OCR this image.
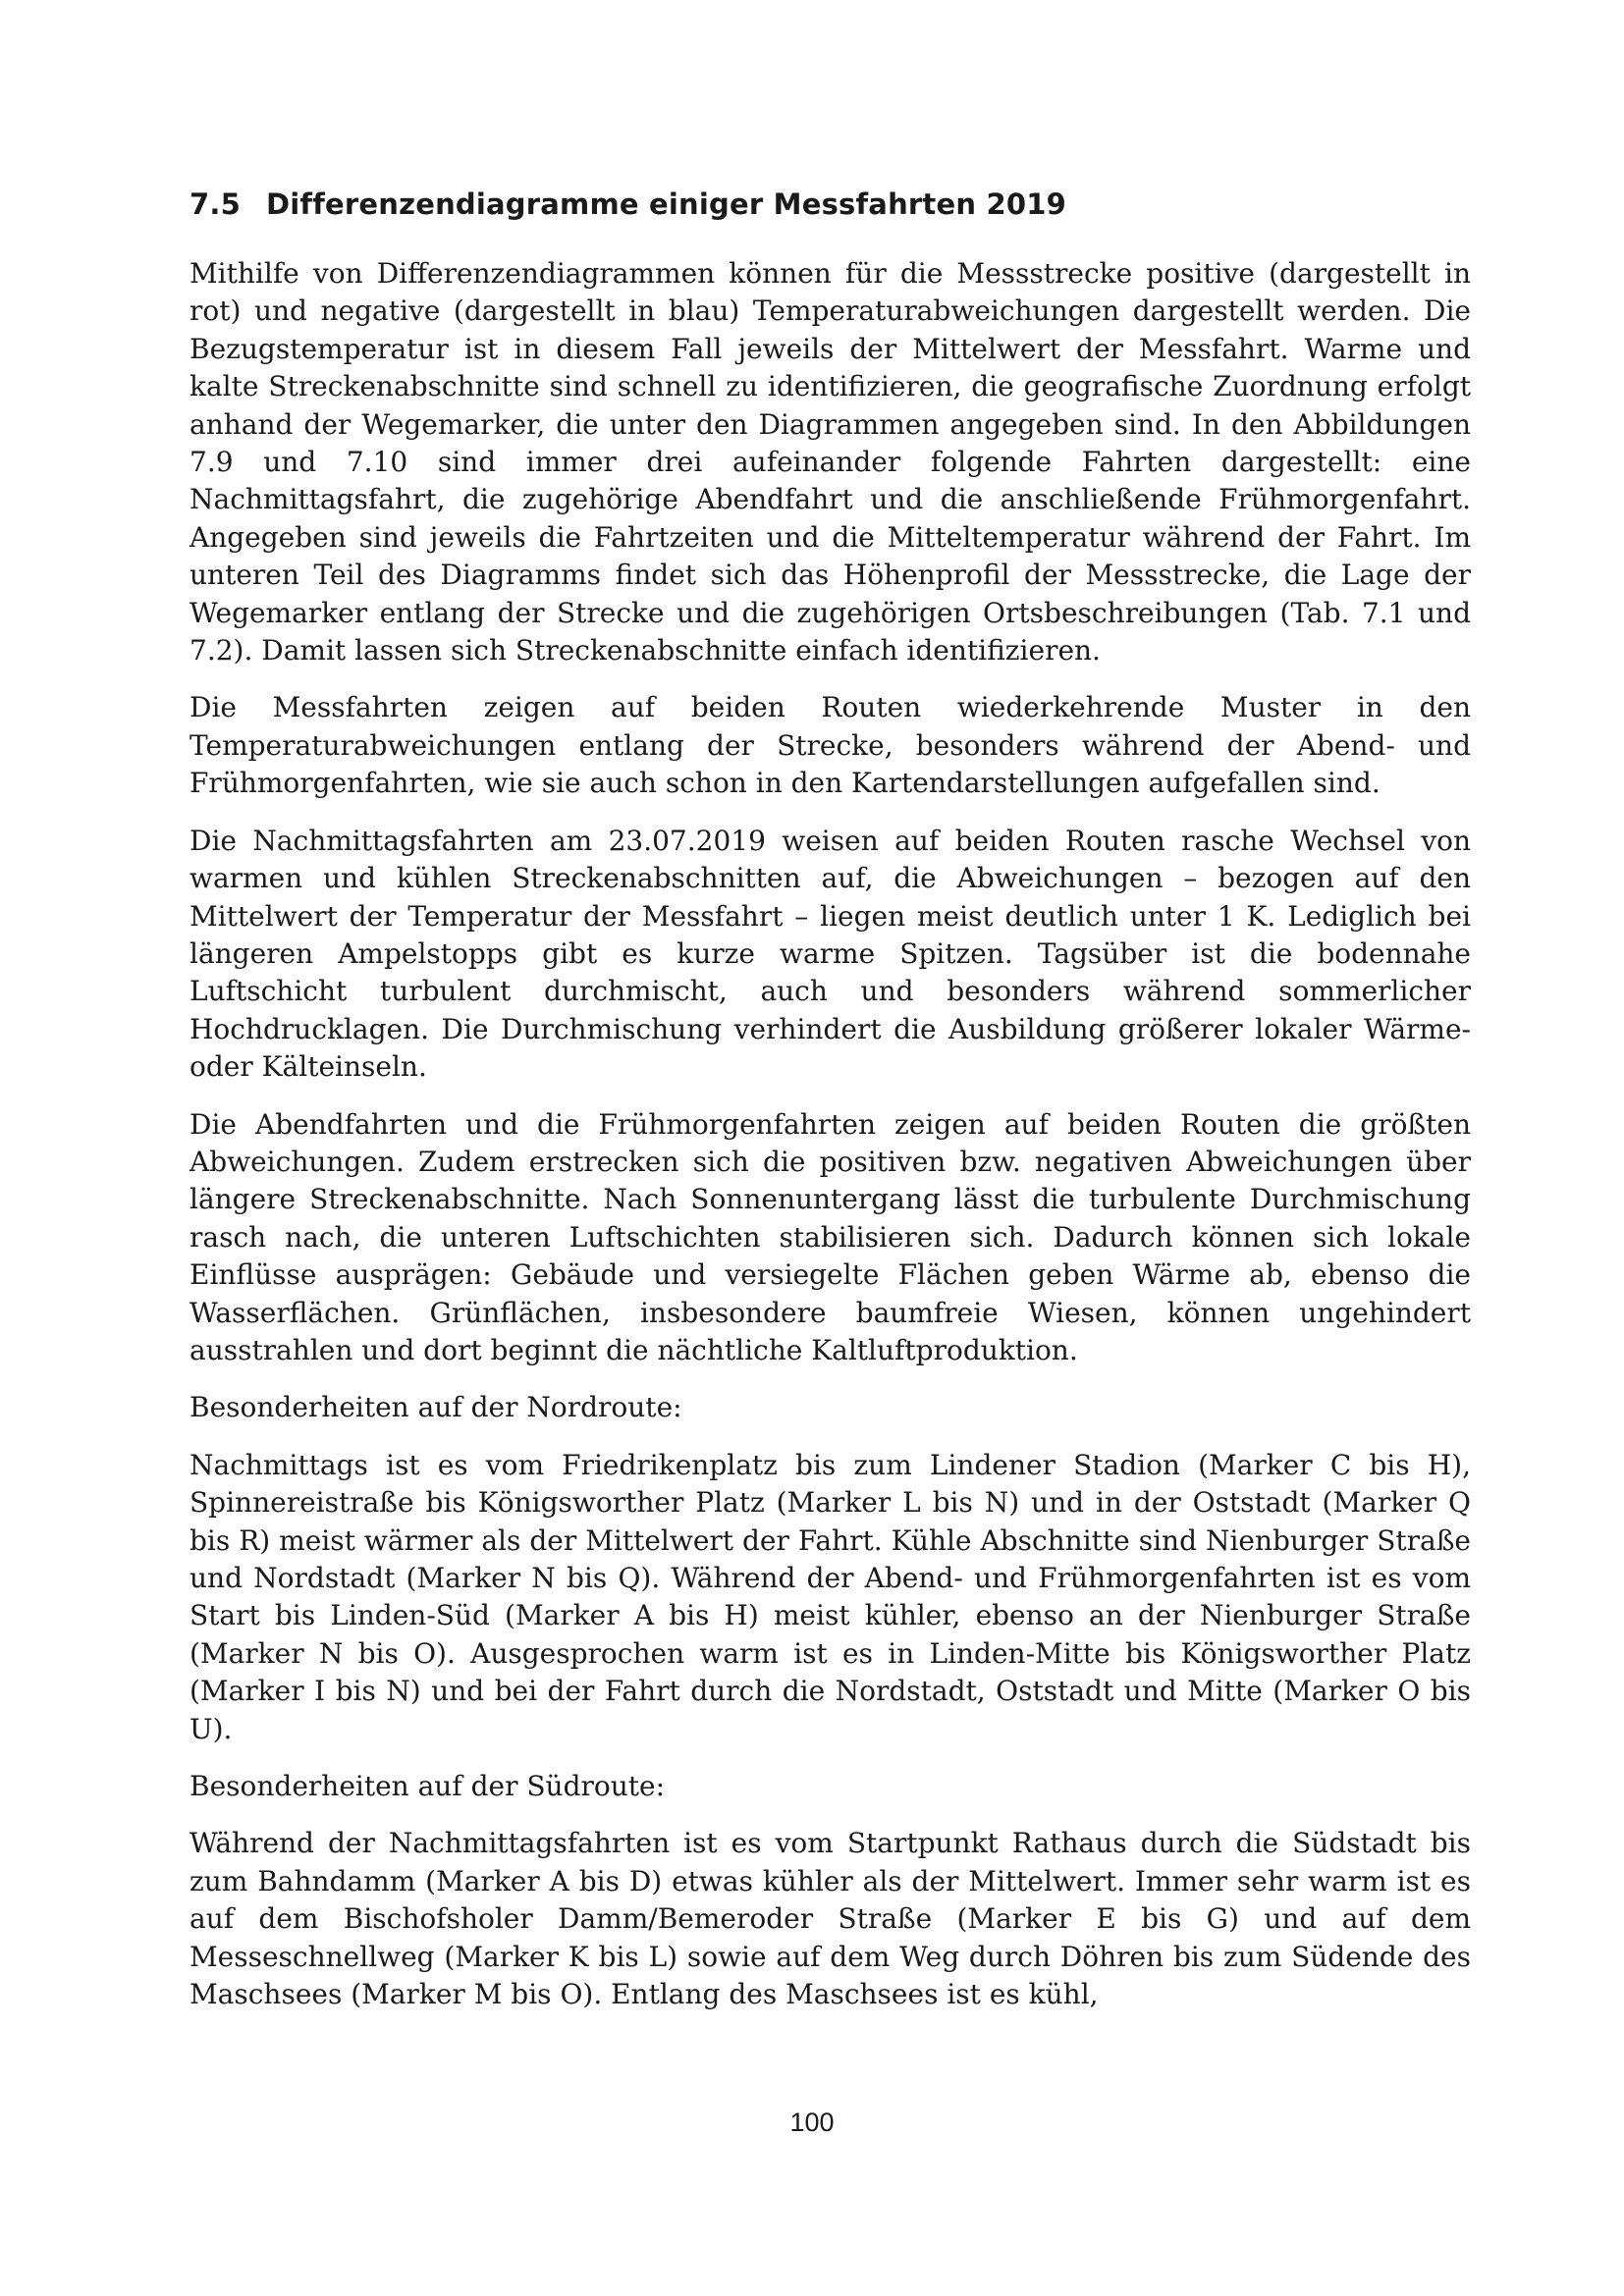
7.5 Differenzendiagramme einiger Messfahrten 2019

Mithilfe von Differenzendiagrammen können für die Messstrecke positive (dargestellt in rot) und negative (dargestellt in blau) Temperaturabweichungen dargestellt werden. Die Bezugstemperatur ist in diesem Fall jeweils der Mittelwert der Messfahrt. Warme und kalte Streckenabschnitte sind schnell zu identifizieren, die geografische Zuordnung erfolgt anhand der Wegemarker, die unter den Diagrammen angegeben sind. In den Abbildungen 7.9 und 7.10 sind immer drei aufeinander folgende Fahrten dargestellt: eine Nachmittagsfahrt, die zugehörige Abendfahrt und die anschließende Frühmorgenfahrt. Angegeben sind jeweils die Fahrtzeiten und die Mitteltemperatur während der Fahrt. Im unteren Teil des Diagramms findet sich das Höhenprofil der Messstrecke, die Lage der Wegemarker entlang der Strecke und die zugehörigen Ortsbeschreibungen (Tab. 7.1 und 7.2). Damit lassen sich Streckenabschnitte einfach identifizieren.

Die Messfahrten zeigen auf beiden Routen wiederkehrende Muster in den Temperaturabweichungen entlang der Strecke, besonders während der Abend- und Frühmorgenfahrten, wie sie auch schon in den Kartendarstellungen aufgefallen sind.

Die Nachmittagsfahrten am 23.07.2019 weisen auf beiden Routen rasche Wechsel von warmen und kühlen Streckenabschnitten auf, die Abweichungen – bezogen auf den Mittelwert der Temperatur der Messfahrt – liegen meist deutlich unter 1 K. Lediglich bei längeren Ampelstopps gibt es kurze warme Spitzen. Tagsüber ist die bodennahe Luftschicht turbulent durchmischt, auch und besonders während sommerlicher Hochdrucklagen. Die Durchmischung verhindert die Ausbildung größerer lokaler Wärme- oder Kälteinseln.

Die Abendfahrten und die Frühmorgenfahrten zeigen auf beiden Routen die größten Abweichungen. Zudem erstrecken sich die positiven bzw. negativen Abweichungen über längere Streckenabschnitte. Nach Sonnenuntergang lässt die turbulente Durchmischung rasch nach, die unteren Luftschichten stabilisieren sich. Dadurch können sich lokale Einflüsse ausprägen: Gebäude und versiegelte Flächen geben Wärme ab, ebenso die Wasserflächen. Grünflächen, insbesondere baumfreie Wiesen, können ungehindert ausstrahlen und dort beginnt die nächtliche Kaltluftproduktion.

Besonderheiten auf der Nordroute:

Nachmittags ist es vom Friedrikenplatz bis zum Lindener Stadion (Marker C bis H), Spinnereistraße bis Königsworther Platz (Marker L bis N) und in der Oststadt (Marker Q bis R) meist wärmer als der Mittelwert der Fahrt. Kühle Abschnitte sind Nienburger Straße und Nordstadt (Marker N bis Q). Während der Abend- und Frühmorgenfahrten ist es vom Start bis Linden-Süd (Marker A bis H) meist kühler, ebenso an der Nienburger Straße (Marker N bis O). Ausgesprochen warm ist es in Linden-Mitte bis Königsworther Platz (Marker I bis N) und bei der Fahrt durch die Nordstadt, Oststadt und Mitte (Marker O bis U).

Besonderheiten auf der Südroute:

Während der Nachmittagsfahrten ist es vom Startpunkt Rathaus durch die Südstadt bis zum Bahndamm (Marker A bis D) etwas kühler als der Mittelwert. Immer sehr warm ist es auf dem Bischofsholer Damm/Bemeroder Straße (Marker E bis G) und auf dem Messeschnellweg (Marker K bis L) sowie auf dem Weg durch Döhren bis zum Südende des Maschsees (Marker M bis O). Entlang des Maschsees ist es kühl,

100
